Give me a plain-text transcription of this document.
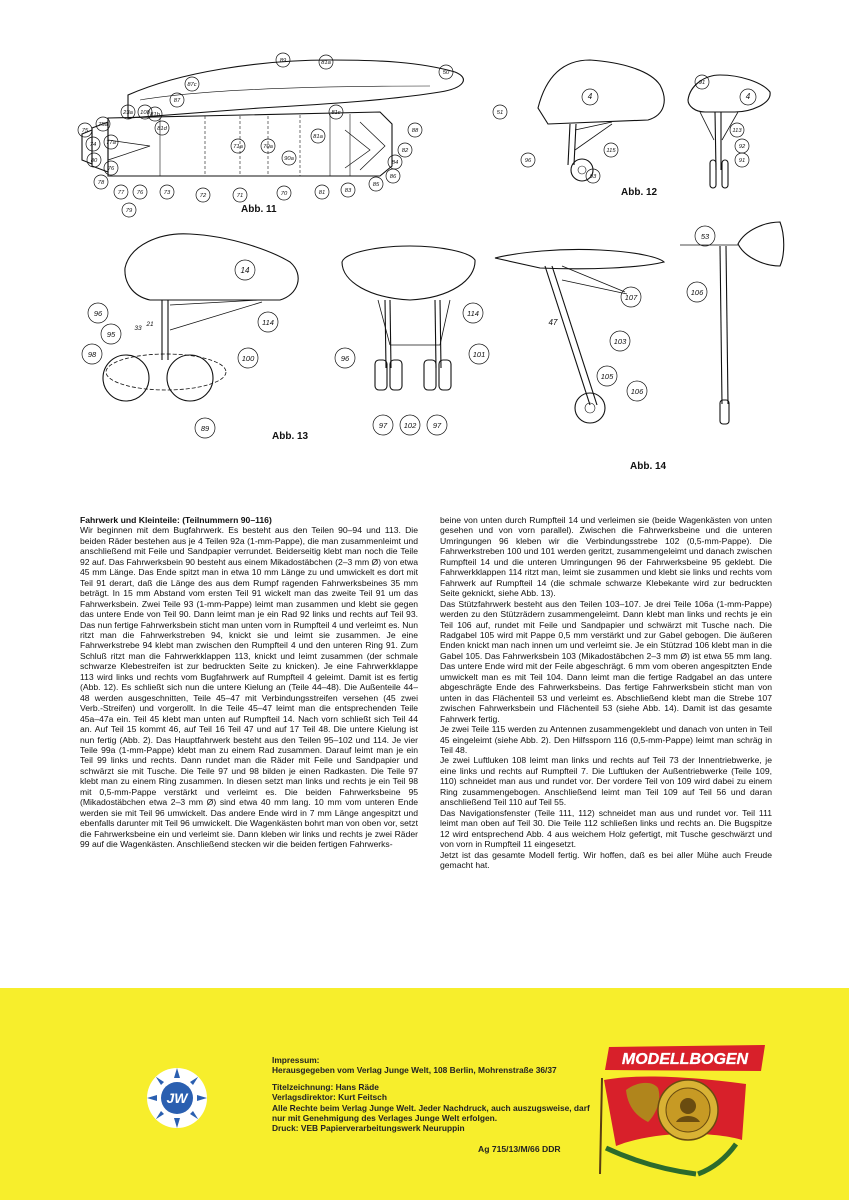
89	81a
50
87c
87
51
81b	81c
75
75a
23a 108
81d	88
74 77a
71a	70a
90a
81a
82
76
80
78
77 76	73	72	71	70	81	83
85
86
84
79
4
91
113
96
115
93
4
92
91
14
96
33
21	114
95
98	100
89
114
96	101
97 102 97
53
107
106
47
103
105
106
Abb. 11
Abb. 12
Abb. 13
Abb. 14
Fahrwerk und Kleinteile: (Teilnummern 90–116)

Wir beginnen mit dem Bugfahrwerk. Es besteht aus den Teilen 90–94 und 113. Die beiden Räder bestehen aus je 4 Teilen 92a (1-mm-Pappe), die man zusammenleimt und anschließend mit Feile und Sandpapier verrundet. Beiderseitig klebt man noch die Teile 92 auf. Das Fahrwerksbein 90 besteht aus einem Mikadostäbchen (2–3 mm Ø) von etwa 45 mm Länge. Das Ende spitzt man in etwa 10 mm Länge zu und umwickelt es dort mit Teil 91 derart, daß die Länge des aus dem Rumpf ragenden Fahrwerksbeines 35 mm beträgt. In 15 mm Abstand vom ersten Teil 91 wickelt man das zweite Teil 91 um das Fahrwerksbein. Zwei Teile 93 (1-mm-Pappe) leimt man zusammen und klebt sie gegen das untere Ende von Teil 90. Dann leimt man je ein Rad 92 links und rechts auf Teil 93. Das nun fertige Fahrwerksbein sticht man unten vorn in Rumpfteil 4 und verleimt es. Nun ritzt man die Fahrwerkstreben 94, knickt sie und leimt sie zusammen. Je eine Fahrwerkstrebe 94 klebt man zwischen den Rumpfteil 4 und den unteren Ring 91. Zum Schluß ritzt man die Fahrwerkklappen 113, knickt und leimt zusammen (der schmale schwarze Klebestreifen ist zur bedruckten Seite zu knicken). Je eine Fahrwerkklappe 113 wird links und rechts vom Bugfahrwerk auf Rumpfteil 4 geleimt. Damit ist es fertig (Abb. 12). Es schließt sich nun die untere Kielung an (Teile 44–48). Die Außenteile 44–48 werden ausgeschnitten, Teile 45–47 mit Verbindungsstreifen versehen (45 zwei Verb.-Streifen) und vorgerollt. In die Teile 45–47 leimt man die entsprechenden Teile 45a–47a ein. Teil 45 klebt man unten auf Rumpfteil 14. Nach vorn schließt sich Teil 44 an. Auf Teil 15 kommt 46, auf Teil 16 Teil 47 und auf 17 Teil 48. Die untere Kielung ist nun fertig (Abb. 2). Das Hauptfahrwerk besteht aus den Teilen 95–102 und 114. Je vier Teile 99a (1-mm-Pappe) klebt man zu einem Rad zusammen. Darauf leimt man je ein Teil 99 links und rechts. Dann rundet man die Räder mit Feile und Sandpapier und schwärzt sie mit Tusche. Die Teile 97 und 98 bilden je einen Radkasten. Die Teile 97 klebt man zu einem Ring zusammen. In diesen setzt man links und rechts je ein Teil 98 mit 0,5-mm-Pappe verstärkt und verleimt es. Die beiden Fahrwerksbeine 95 (Mikadostäbchen etwa 2–3 mm Ø) sind etwa 40 mm lang. 10 mm vom unteren Ende werden sie mit Teil 96 umwickelt. Das andere Ende wird in 7 mm Länge angespitzt und ebenfalls darunter mit Teil 96 umwickelt. Die Wagenkästen bohrt man von oben vor, setzt die Fahrwerksbeine ein und verleimt sie. Dann kleben wir links und rechts je zwei Räder 99 auf die Wagenkästen. Anschließend stecken wir die beiden fertigen Fahrwerks-

beine von unten durch Rumpfteil 14 und verleimen sie (beide Wagenkästen von unten gesehen und von vorn parallel). Zwischen die Fahrwerksbeine und die unteren Umringungen 96 kleben wir die Verbindungsstrebe 102 (0,5-mm-Pappe). Die Fahrwerkstreben 100 und 101 werden geritzt, zusammengeleimt und danach zwischen Rumpfteil 14 und die unteren Umringungen 96 der Fahrwerksbeine 95 geklebt. Die Fahrwerkklappen 114 ritzt man, leimt sie zusammen und klebt sie links und rechts vom Fahrwerk auf Rumpfteil 14 (die schmale schwarze Klebekante wird zur bedruckten Seite geknickt, siehe Abb. 13).
Das Stützfahrwerk besteht aus den Teilen 103–107. Je drei Teile 106a (1-mm-Pappe) werden zu den Stützrädern zusammengeleimt. Dann klebt man links und rechts je ein Teil 106 auf, rundet mit Feile und Sandpapier und schwärzt mit Tusche nach. Die Radgabel 105 wird mit Pappe 0,5 mm verstärkt und zur Gabel gebogen. Die äußeren Enden knickt man nach innen um und verleimt sie. Je ein Stützrad 106 klebt man in die Gabel 105. Das Fahrwerksbein 103 (Mikadostäbchen 2–3 mm Ø) ist etwa 55 mm lang. Das untere Ende wird mit der Feile abgeschrägt. 6 mm vom oberen angespitzten Ende umwickelt man es mit Teil 104. Dann leimt man die fertige Radgabel an das untere abgeschrägte Ende des Fahrwerksbeins. Das fertige Fahrwerksbein sticht man von unten in das Flächenteil 53 und verleimt es. Abschließend klebt man die Strebe 107 zwischen Fahrwerksbein und Flächenteil 53 (siehe Abb. 14). Damit ist das gesamte Fahrwerk fertig.
Je zwei Teile 115 werden zu Antennen zusammengeklebt und danach von unten in Teil 45 eingeleimt (siehe Abb. 2). Den Hilfssporn 116 (0,5-mm-Pappe) leimt man schräg in Teil 48.
Je zwei Luftluken 108 leimt man links und rechts auf Teil 73 der Innentriebwerke, je eine links und rechts auf Rumpfteil 7. Die Luftluken der Außentriebwerke (Teile 109, 110) schneidet man aus und rundet vor. Der vordere Teil von 109 wird dabei zu einem Ring zusammengebogen. Anschließend leimt man Teil 109 auf Teil 56 und daran anschließend Teil 110 auf Teil 55.
Das Navigationsfenster (Teile 111, 112) schneidet man aus und rundet vor. Teil 111 leimt man oben auf Teil 30. Die Teile 112 schließen links und rechts an. Die Bugspitze 12 wird entsprechend Abb. 4 aus weichem Holz gefertigt, mit Tusche geschwärzt und von vorn in Rumpfteil 11 eingesetzt.
Jetzt ist das gesamte Modell fertig. Wir hoffen, daß es bei aller Mühe auch Freude gemacht hat.

JW
Impressum:
Herausgegeben vom Verlag Junge Welt, 108 Berlin, Mohrenstraße 36/37
Titelzeichnung: Hans Räde
Verlagsdirektor: Kurt Feitsch
Alle Rechte beim Verlag Junge Welt. Jeder Nachdruck, auch auszugsweise, darf nur mit Genehmigung des Verlages Junge Welt erfolgen.
Druck: VEB Papierverarbeitungswerk Neuruppin
Ag 715/13/M/66 DDR
MODELLBOGEN
